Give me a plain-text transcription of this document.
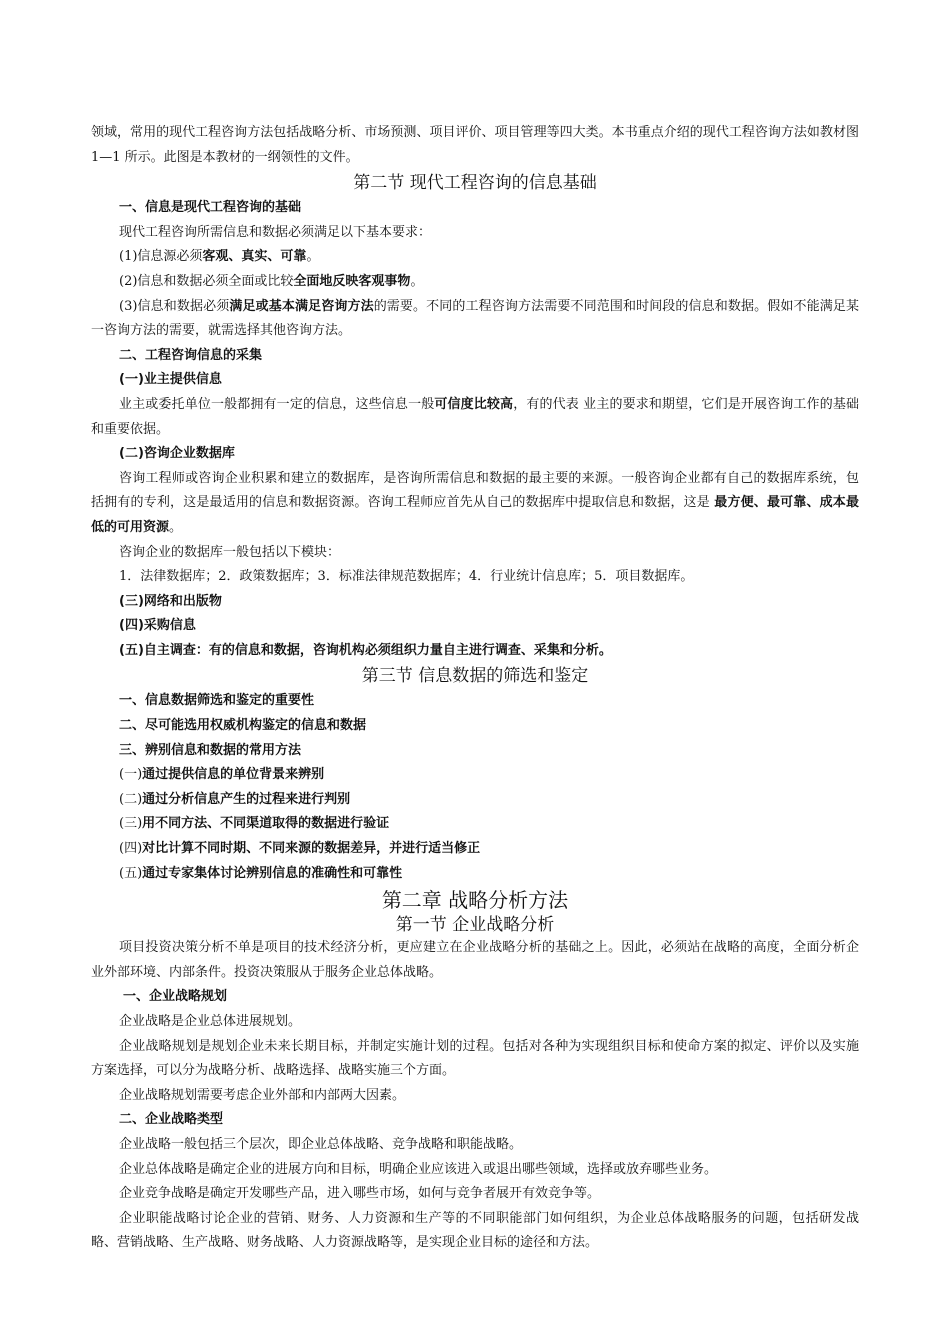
领域，常用的现代工程咨询方法包括战略分析、市场预测、项目评价、项目管理等四大类。本书重点介绍的现代工程咨询方法如教材图 1—1 所示。此图是本教材的一纲领性的文件。

第二节 现代工程咨询的信息基础
一、信息是现代工程咨询的基础

现代工程咨询所需信息和数据必须满足以下基本要求：

(1)信息源必须客观、真实、可靠。

(2)信息和数据必须全面或比较全面地反映客观事物。

(3)信息和数据必须满足或基本满足咨询方法的需要。不同的工程咨询方法需要不同范围和时间段的信息和数据。假如不能满足某一咨询方法的需要，就需选择其他咨询方法。

二、工程咨询信息的采集
(一)业主提供信息

业主或委托单位一般都拥有一定的信息，这些信息一般可信度比较高，有的代表 业主的要求和期望，它们是开展咨询工作的基础和重要依据。

(二)咨询企业数据库

咨询工程师或咨询企业积累和建立的数据库，是咨询所需信息和数据的最主要的来源。一般咨询企业都有自己的数据库系统，包括拥有的专利，这是最适用的信息和数据资源。咨询工程师应首先从自己的数据库中提取信息和数据，这是 最方便、最可靠、成本最低的可用资源。

咨询企业的数据库一般包括以下模块：

1．法律数据库；2．政策数据库；3．标准法律规范数据库；4．行业统计信息库；5．项目数据库。

(三)网络和出版物
(四)采购信息
(五)自主调查：有的信息和数据，咨询机构必须组织力量自主进行调查、采集和分析。
第三节 信息数据的筛选和鉴定
一、信息数据筛选和鉴定的重要性
二、尽可能选用权威机构鉴定的信息和数据
三、辨别信息和数据的常用方法
(一)通过提供信息的单位背景来辨别
(二)通过分析信息产生的过程来进行判别
(三)用不同方法、不同渠道取得的数据进行验证
(四)对比计算不同时期、不同来源的数据差异，并进行适当修正
(五)通过专家集体讨论辨别信息的准确性和可靠性
第二章 战略分析方法
第一节 企业战略分析

项目投资决策分析不单是项目的技术经济分析，更应建立在企业战略分析的基础之上。因此，必须站在战略的高度，全面分析企业外部环境、内部条件。投资决策服从于服务企业总体战略。

一、企业战略规划

企业战略是企业总体进展规划。

企业战略规划是规划企业未来长期目标，并制定实施计划的过程。包括对各种为实现组织目标和使命方案的拟定、评价以及实施方案选择，可以分为战略分析、战略选择、战略实施三个方面。

企业战略规划需要考虑企业外部和内部两大因素。

二、企业战略类型

企业战略一般包括三个层次，即企业总体战略、竞争战略和职能战略。

企业总体战略是确定企业的进展方向和目标，明确企业应该进入或退出哪些领域，选择或放弃哪些业务。

企业竞争战略是确定开发哪些产品，进入哪些市场，如何与竞争者展开有效竞争等。

企业职能战略讨论企业的营销、财务、人力资源和生产等的不同职能部门如何组织，为企业总体战略服务的问题，包括研发战略、营销战略、生产战略、财务战略、人力资源战略等，是实现企业目标的途径和方法。
